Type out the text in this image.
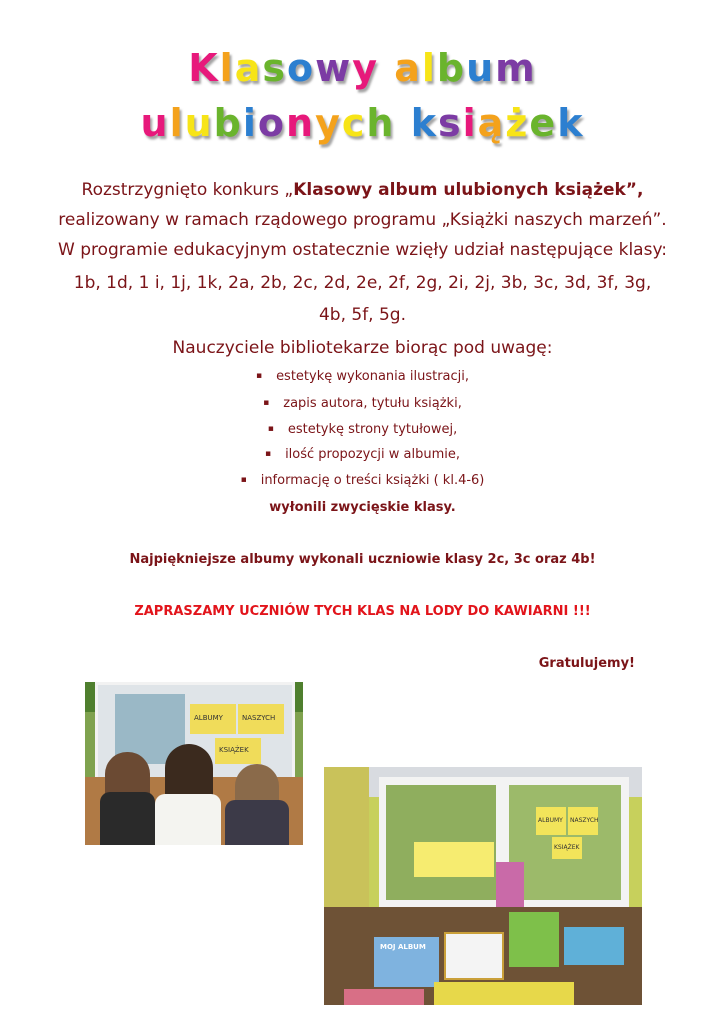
Klasowy album
ulubionych książek
Rozstrzygnięto konkurs „Klasowy album ulubionych książek”,
realizowany w ramach rządowego programu „Książki naszych marzeń”.
W programie edukacyjnym ostatecznie wzięły udział następujące klasy:
1b, 1d, 1 i, 1j, 1k, 2a, 2b, 2c, 2d, 2e, 2f, 2g, 2i, 2j, 3b, 3c, 3d, 3f, 3g,
4b, 5f, 5g.
Nauczyciele bibliotekarze biorąc pod uwagę:
▪ estetykę wykonania ilustracji,
▪ zapis autora, tytułu książki,
▪ estetykę strony tytułowej,
▪ ilość propozycji w albumie,
▪ informację o treści książki ( kl.4-6)
wyłonili zwycięskie klasy.
Najpiękniejsze albumy wykonali uczniowie klasy 2c, 3c oraz 4b!
ZAPRASZAMY UCZNIÓW TYCH KLAS NA LODY DO KAWIARNI !!!
Gratulujemy!
ALBUMY	NASZYCH
KSIĄŻEK
ALBUMY NASZYCH
KSIĄŻEK
MOJ ALBUM
